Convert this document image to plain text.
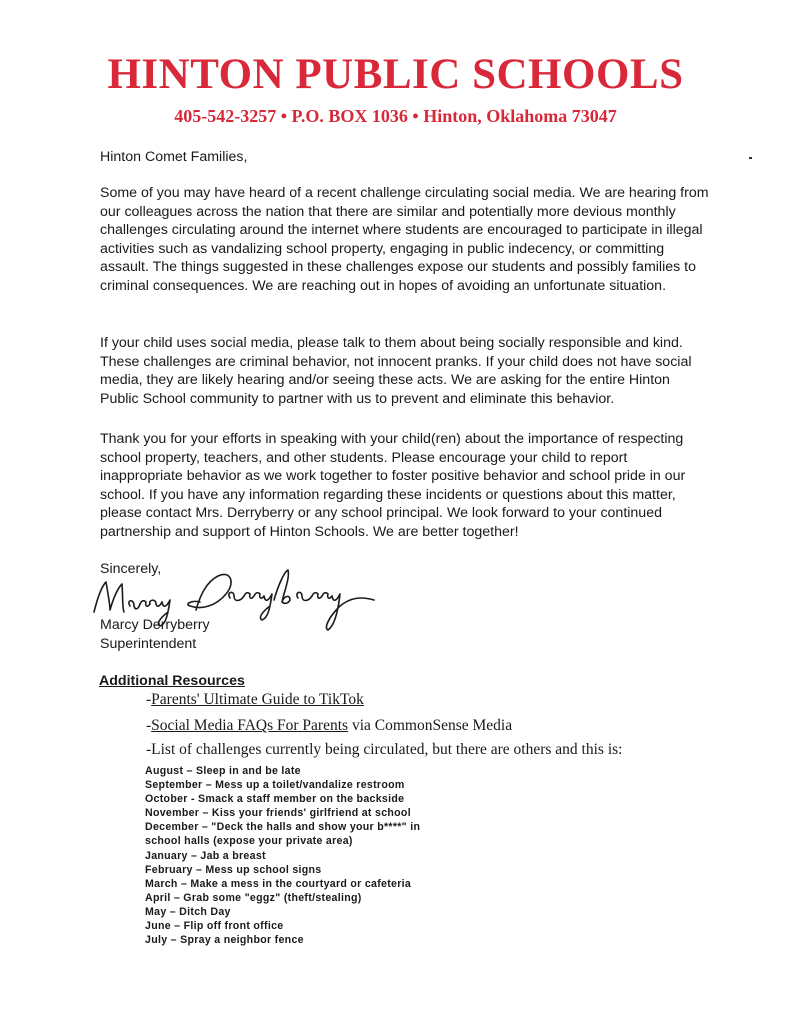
HINTON PUBLIC SCHOOLS
405-542-3257 • P.O. BOX 1036 • Hinton, Oklahoma 73047

Hinton Comet Families,

Some of you may have heard of a recent challenge circulating social media. We are hearing from our colleagues across the nation that there are similar and potentially more devious monthly challenges circulating around the internet where students are encouraged to participate in illegal activities such as vandalizing school property, engaging in public indecency, or committing assault. The things suggested in these challenges expose our students and possibly families to criminal consequences. We are reaching out in hopes of avoiding an unfortunate situation.

If your child uses social media, please talk to them about being socially responsible and kind. These challenges are criminal behavior, not innocent pranks. If your child does not have social media, they are likely hearing and/or seeing these acts. We are asking for the entire Hinton Public School community to partner with us to prevent and eliminate this behavior.

Thank you for your efforts in speaking with your child(ren) about the importance of respecting school property, teachers, and other students. Please encourage your child to report inappropriate behavior as we work together to foster positive behavior and school pride in our school. If you have any information regarding these incidents or questions about this matter, please contact Mrs. Derryberry or any school principal. We look forward to your continued partnership and support of Hinton Schools. We are better together!

Sincerely,

Marcy Derryberry
Superintendent
Additional Resources
-Parents' Ultimate Guide to TikTok
-Social Media FAQs For Parents via CommonSense Media
-List of challenges currently being circulated, but there are others and this is:
August – Sleep in and be late
September – Mess up a toilet/vandalize restroom
October - Smack a staff member on the backside
November – Kiss your friends' girlfriend at school
December – "Deck the halls and show your b****" in
school halls (expose your private area)
January – Jab a breast
February – Mess up school signs
March – Make a mess in the courtyard or cafeteria
April – Grab some "eggz" (theft/stealing)
May – Ditch Day
June – Flip off front office
July – Spray a neighbor fence
